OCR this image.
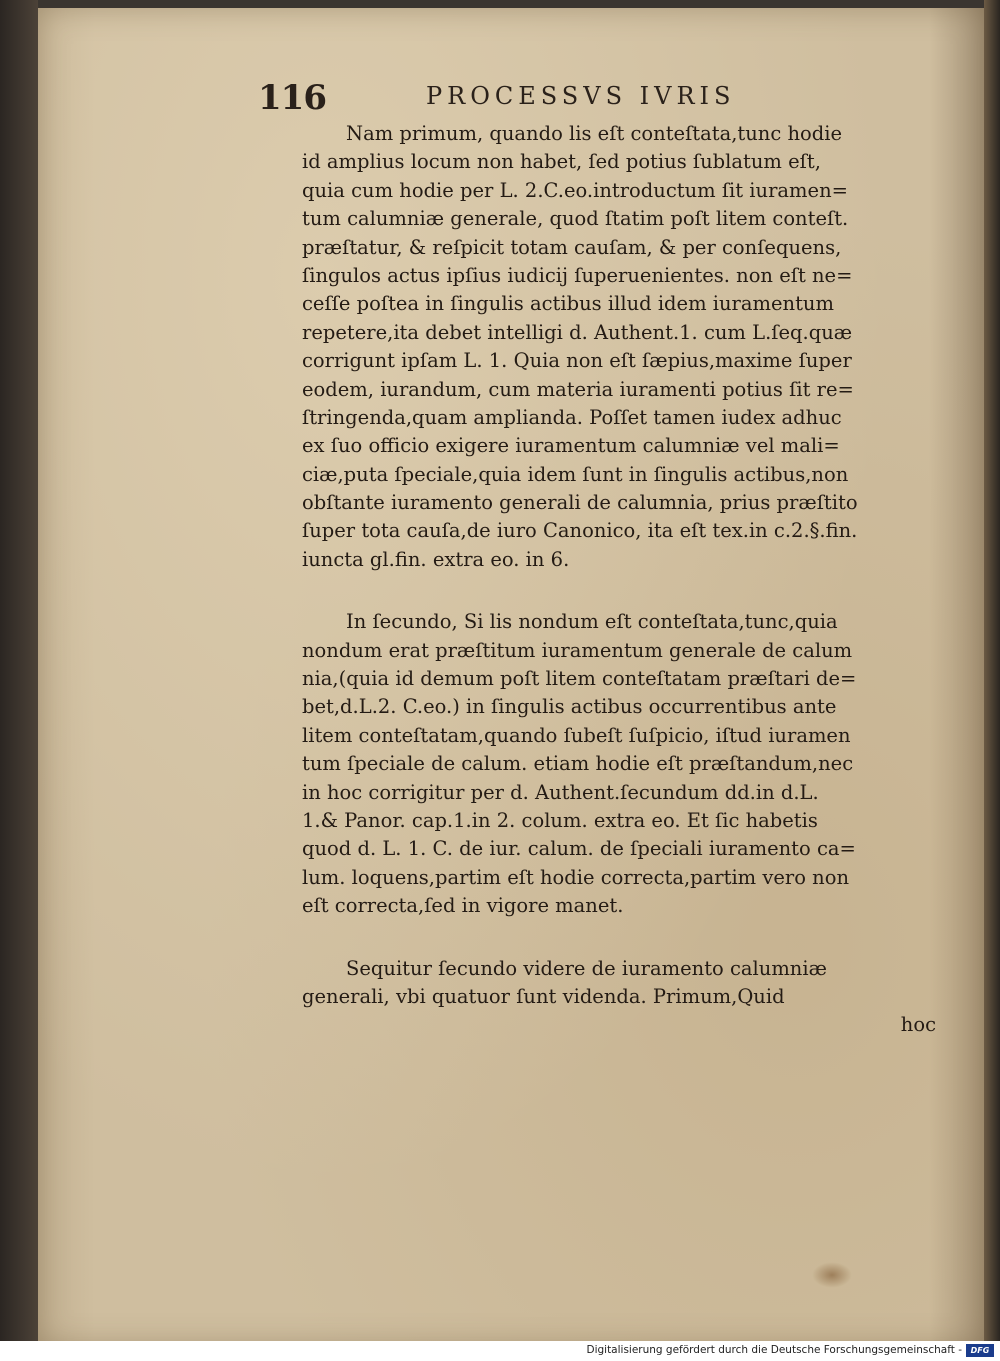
116	PROCESSVS IVRIS
Nam primum, quando lis eſt conteſtata,tunc hodie
id amplius locum non habet, ſed potius ſublatum eſt,
quia cum hodie per L. 2.C.eo.introductum ſit iuramen=
tum calumniæ generale, quod ſtatim poſt litem conteſt.
præſtatur, & reſpicit totam cauſam, & per conſequens,
ſingulos actus ipſius iudicij ſuperuenientes. non eſt ne=
ceſſe poſtea in ſingulis actibus illud idem iuramentum
repetere,ita debet intelligi d. Authent.1. cum L.ſeq.quæ
corrigunt ipſam L. 1. Quia non eſt ſæpius,maxime ſuper
eodem, iurandum, cum materia iuramenti potius ſit re=
ſtringenda,quam amplianda. Poſſet tamen iudex adhuc
ex ſuo officio exigere iuramentum calumniæ vel mali=
ciæ,puta ſpeciale,quia idem ſunt in ſingulis actibus,non
obſtante iuramento generali de calumnia, prius præſtito
ſuper tota cauſa,de iuro Canonico, ita eſt tex.in c.2.§.fin.
iuncta gl.fin. extra eo. in 6.
In ſecundo, Si lis nondum eſt conteſtata,tunc,quia
nondum erat præſtitum iuramentum generale de calum
nia,(quia id demum poſt litem conteſtatam præſtari de=
bet,d.L.2. C.eo.) in ſingulis actibus occurrentibus ante
litem conteſtatam,quando ſubeſt ſuſpicio, iſtud iuramen
tum ſpeciale de calum. etiam hodie eſt præſtandum,nec
in hoc corrigitur per d. Authent.ſecundum dd.in d.L.
1.& Panor. cap.1.in 2. colum. extra eo. Et ſic habetis
quod d. L. 1. C. de iur. calum. de ſpeciali iuramento ca=
lum. loquens,partim eſt hodie correcta,partim vero non
eſt correcta,ſed in vigore manet.
Sequitur ſecundo videre de iuramento calumniæ
generali, vbi quatuor ſunt videnda. Primum,Quid
hoc
Digitalisierung gefördert durch die Deutsche Forschungsgemeinschaft -	DFG
